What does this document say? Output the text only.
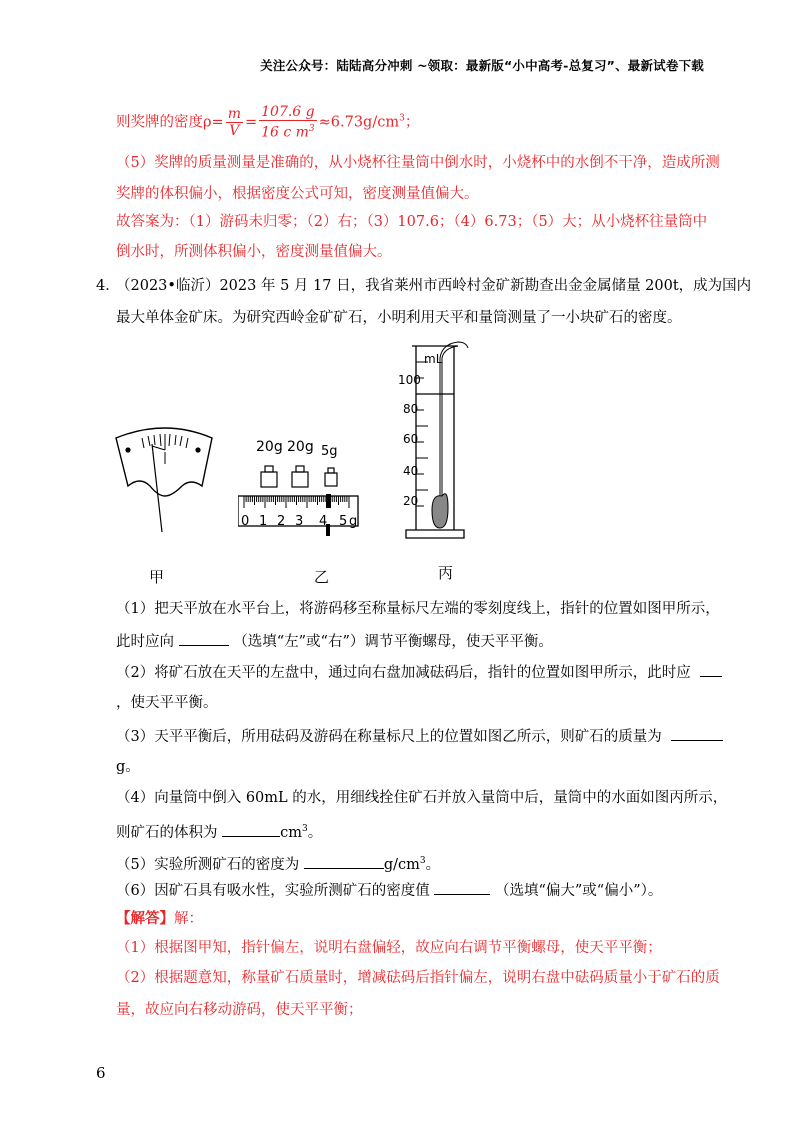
关注公众号：陆陆高分冲刺 ~领取：最新版“小中高考-总复习”、最新试卷下载
则奖牌的密度$\rho= \frac{m}{V} = \frac{107.6 g}{16 c m^3} \approx 6.73g/cm^3$；
（5）奖牌的质量测量是准确的，从小烧杯往量筒中倒水时，小烧杯中的水倒不干净，造成所测
奖牌的体积偏小，根据密度公式可知，密度测量值偏大。
故答案为：（1）游码未归零；（2）右；（3）107.6；（4）6.73；（5）大；从小烧杯往量筒中
倒水时，所测体积偏小，密度测量值偏大。
4．
（2023•临沂）2023 年 5 月 17 日，我省莱州市西岭村金矿新勘查出金金属储量 200t，成为国内
最大单体金矿床。为研究西岭金矿矿石，小明利用天平和量筒测量了一小块矿石的密度。
甲
20g 20g 5g
0 1 2 3 4 5 g
乙
mL
100
80
60
40
20
丙
（1）把天平放在水平台上，将游码移至称量标尺左端的零刻度线上，指针的位置如图甲所示，
此时应向	（选填“左”或“右”）调节平衡螺母，使天平平衡。
（2）将矿石放在天平的左盘中，通过向右盘加减砝码后，指针的位置如图甲所示，此时应
，使天平平衡。
（3）天平平衡后，所用砝码及游码在称量标尺上的位置如图乙所示，则矿石的质量为
g。
（4）向量筒中倒入 60mL 的水，用细线拴住矿石并放入量筒中后，量筒中的水面如图丙所示，
则矿石的体积为	$cm^3$。
（5）实验所测矿石的密度为	$g/cm^3$。
（6）因矿石具有吸水性，实验所测矿石的密度值	（选填“偏大”或“偏小”）。
【解答】解：
（1）根据图甲知，指针偏左，说明右盘偏轻，故应向右调节平衡螺母，使天平平衡；
（2）根据题意知，称量矿石质量时，增减砝码后指针偏左，说明右盘中砝码质量小于矿石的质
量，故应向右移动游码，使天平平衡；
6
